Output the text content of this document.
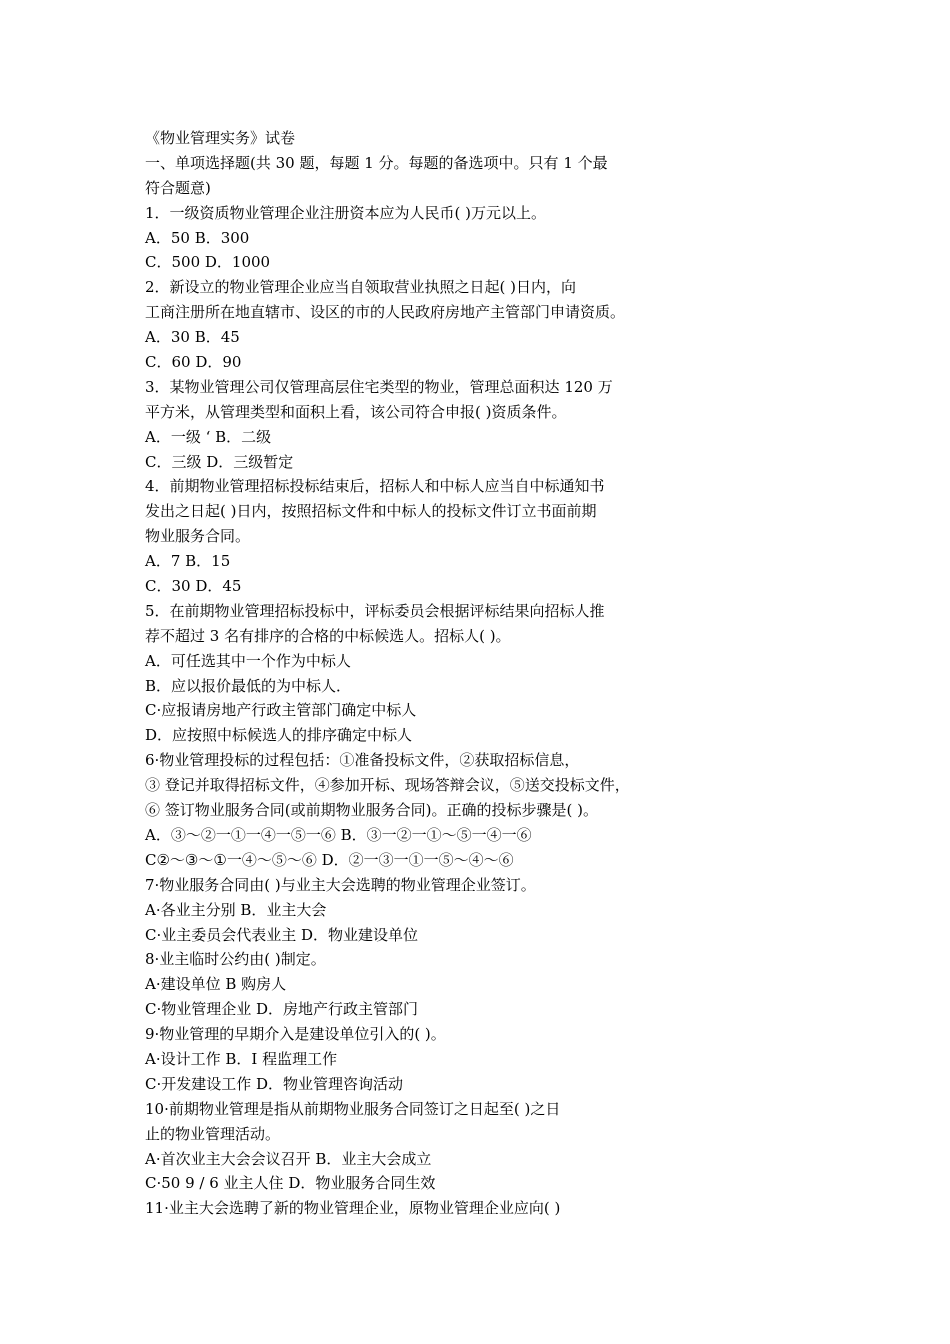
《物业管理实务》试卷
一、单项选择题(共 30 题，每题 1 分。每题的备选项中。只有 1 个最
符合题意)
1．一级资质物业管理企业注册资本应为人民币( )万元以上。
A．50 B．300
C．500 D．1000
2．新设立的物业管理企业应当自领取营业执照之日起( )日内，向
工商注册所在地直辖市、设区的市的人民政府房地产主管部门申请资质。
A．30 B．45
C．60 D．90
3．某物业管理公司仅管理高层住宅类型的物业，管理总面积达 120 万
平方米，从管理类型和面积上看，该公司符合申报( )资质条件。
A．一级 ‘ B．二级
C．三级 D．三级暂定
4．前期物业管理招标投标结束后，招标人和中标人应当自中标通知书
发出之日起( )日内，按照招标文件和中标人的投标文件订立书面前期
物业服务合同。
A．7 B．15
C．30 D．45
5．在前期物业管理招标投标中，评标委员会根据评标结果向招标人推
荐不超过 3 名有排序的合格的中标候选人。招标人( )。
A．可任选其中一个作为中标人
B．应以报价最低的为中标人．
C·应报请房地产行政主管部门确定中标人
D．应按照中标候选人的排序确定中标人
6·物业管理投标的过程包括：①准备投标文件，②获取招标信息，
③ 登记并取得招标文件，④参加开标、现场答辩会议，⑤送交投标文件，
⑥ 签订物业服务合同(或前期物业服务合同)。正确的投标步骤是( )。
A．③～②一①一④一⑤一⑥ B．③一②一①～⑤一④一⑥
C②～③～①一④～⑤～⑥ D．②一③一①一⑤～④～⑥
7·物业服务合同由( )与业主大会选聘的物业管理企业签订。
A·各业主分别 B．业主大会
C·业主委员会代表业主 D．物业建设单位
8·业主临时公约由( )制定。
A·建设单位 B 购房人
C·物业管理企业 D．房地产行政主管部门
9·物业管理的早期介入是建设单位引入的( )。
A·设计工作 B．I 程监理工作
C·开发建设工作 D．物业管理咨询活动
10·前期物业管理是指从前期物业服务合同签订之日起至( )之日
止的物业管理活动。
A·首次业主大会会议召开 B．业主大会成立
C·50 9 / 6 业主人住 D．物业服务合同生效
11·业主大会选聘了新的物业管理企业，原物业管理企业应向( )
